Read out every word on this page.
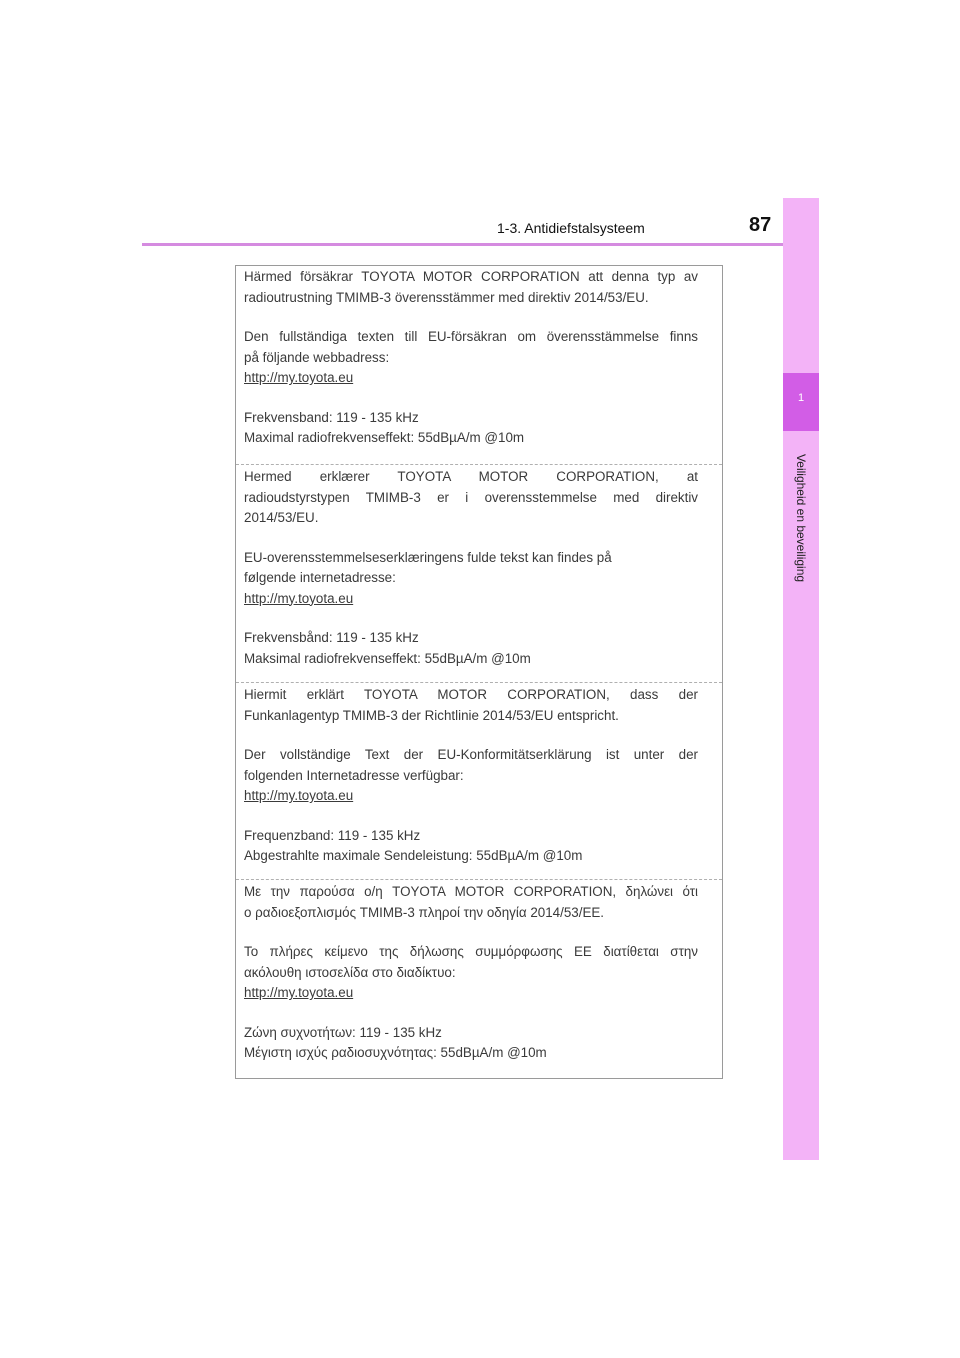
1-3. Antidiefstalsysteem	87
1
Veiligheid en beveiliging

Härmed försäkrar TOYOTA MOTOR CORPORATION att denna typ av

radioutrustning TMIMB-3 överensstämmer med direktiv 2014/53/EU.

Den fullständiga texten till EU-försäkran om överensstämmelse finns

på följande webbadress:

http://my.toyota.eu

Frekvensband: 119 - 135 kHz

Maximal radiofrekvenseffekt: 55dBµA/m @10m

Hermed erklærer TOYOTA MOTOR CORPORATION, at

radioudstyrstypen TMIMB-3 er i overensstemmelse med direktiv

2014/53/EU.

EU-overensstemmelseserklæringens fulde tekst kan findes på

følgende internetadresse:

http://my.toyota.eu

Frekvensbånd: 119 - 135 kHz

Maksimal radiofrekvenseffekt: 55dBµA/m @10m

Hiermit erklärt TOYOTA MOTOR CORPORATION, dass der

Funkanlagentyp TMIMB-3 der Richtlinie 2014/53/EU entspricht.

Der vollständige Text der EU-Konformitätserklärung ist unter der

folgenden Internetadresse verfügbar:

http://my.toyota.eu

Frequenzband: 119 - 135 kHz

Abgestrahlte maximale Sendeleistung: 55dBµA/m @10m

Με την παρούσα ο/η TOYOTA MOTOR CORPORATION, δηλώνει ότι

ο ραδιοεξοπλισμός TMIMB-3 πληροί την οδηγία 2014/53/ΕΕ.

Το πλήρες κείμενο της δήλωσης συμμόρφωσης ΕΕ διατίθεται στην

ακόλουθη ιστοσελίδα στο διαδίκτυο:

http://my.toyota.eu

Ζώνη συχνοτήτων: 119 - 135 kHz

Μέγιστη ισχύς ραδιοσυχνότητας: 55dBµA/m @10m
